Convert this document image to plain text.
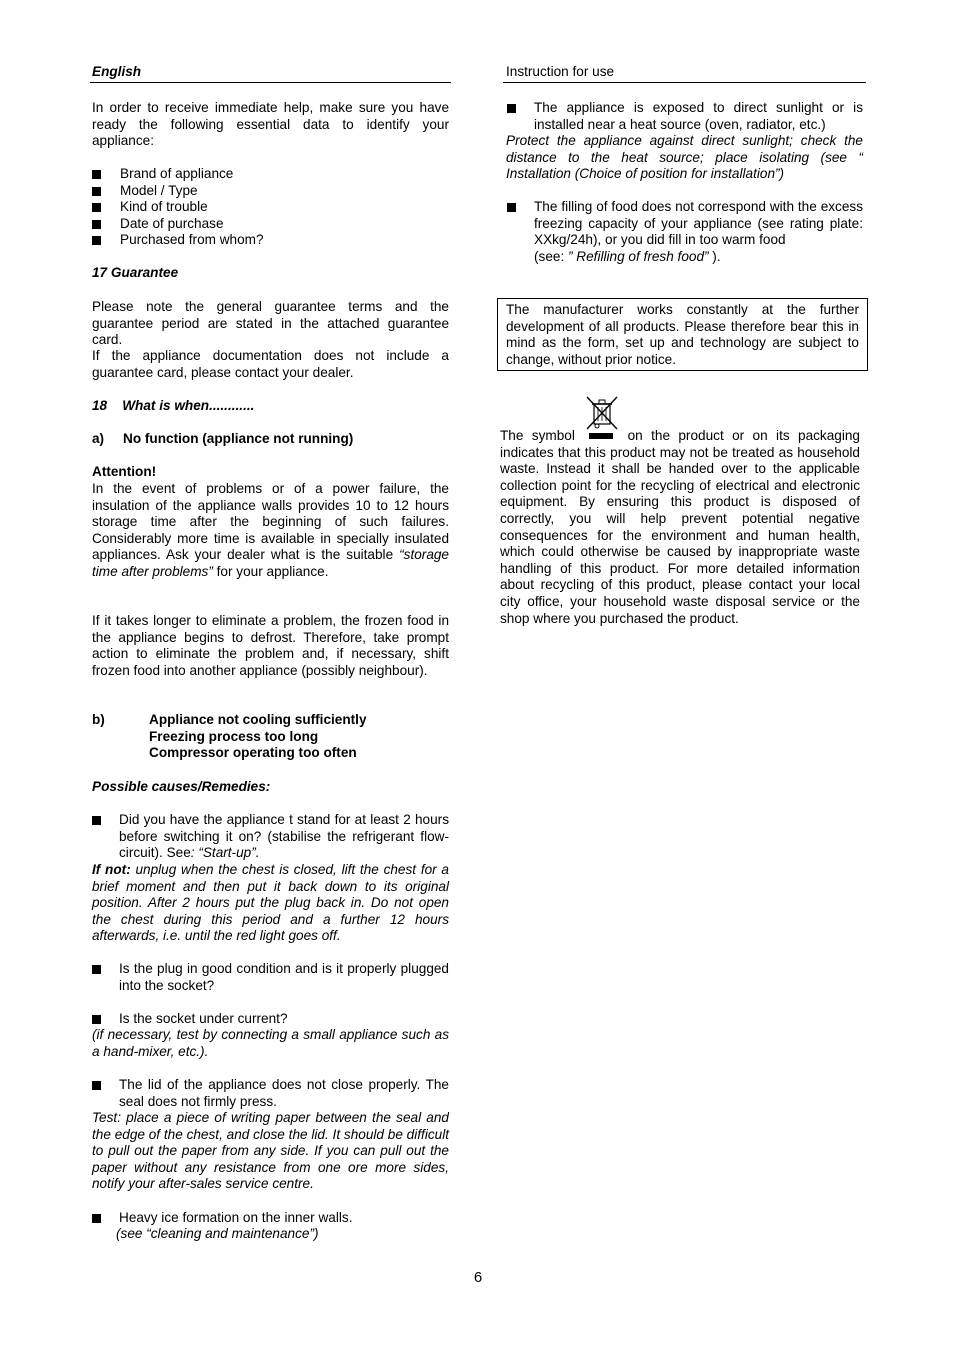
English	Instruction for use

In order to receive immediate help, make sure you have ready the following essential data to identify your appliance:

Brand of appliance
Model / Type
Kind of trouble
Date of purchase
Purchased from whom?
17 Guarantee

Please note the general guarantee terms and the guarantee period are stated in the attached guarantee card.

If the appliance documentation does not include a guarantee card, please contact your dealer.

18    What is when............
a) No function (appliance not running)
Attention!

In the event of problems or of a power failure, the insulation of the appliance walls provides 10 to 12 hours storage time after the beginning of such failures. Considerably more time is available in specially insulated appliances. Ask your dealer what is the suitable “storage time after problems” for your appliance.

If it takes longer to eliminate a problem, the frozen food in the appliance begins to defrost. Therefore, take prompt action to eliminate the problem and, if necessary, shift frozen food into another appliance (possibly neighbour).

b)	Appliance not cooling sufficiently
Freezing process too long
Compressor operating too often
Possible causes/Remedies:
Did you have the appliance t stand for at least 2 hours before switching it on? (stabilise the refrigerant flow-circuit). See: “Start-up”.

If not: unplug when the chest is closed, lift the chest for a brief moment and then put it back down to its original position. After 2 hours put the plug back in. Do not open the chest during this period and a further 12 hours afterwards, i.e. until the red light goes off.

Is the plug in good condition and is it properly plugged into the socket?
Is the socket under current?

(if necessary, test by connecting a small appliance such as a hand-mixer, etc.).

The lid of the appliance does not close properly. The seal does not firmly press.

Test: place a piece of writing paper between the seal and the edge of the chest, and close the lid. It should be difficult to pull out the paper from any side. If you can pull out the paper without any resistance from one ore more sides, notify your after-sales service centre.

Heavy ice formation on the inner walls.

(see “cleaning and maintenance”)

The appliance is exposed to direct sunlight or is installed near a heat source (oven, radiator, etc.)

Protect the appliance against direct sunlight; check the distance to the heat source; place isolating (see “ Installation (Choice of position for installation”)

The filling of food does not correspond with the excess freezing capacity of your appliance (see rating plate: XXkg/24h), or you did fill in too warm food
(see: ” Refilling of fresh food” ).
The manufacturer works constantly at the further development of all products. Please therefore bear this in mind as the form, set up and technology are subject to change, without prior notice.
The symbol	on the product or on its packaging indicates that this product may not be treated as household waste. Instead it shall be handed over to the applicable collection point for the recycling of electrical and electronic equipment. By ensuring this product is disposed of correctly, you will help prevent potential negative consequences for the environment and human health, which could otherwise be caused by inappropriate waste handling of this product. For more detailed information about recycling of this product, please contact your local city office, your household waste disposal service or the shop where you purchased the product.
6
